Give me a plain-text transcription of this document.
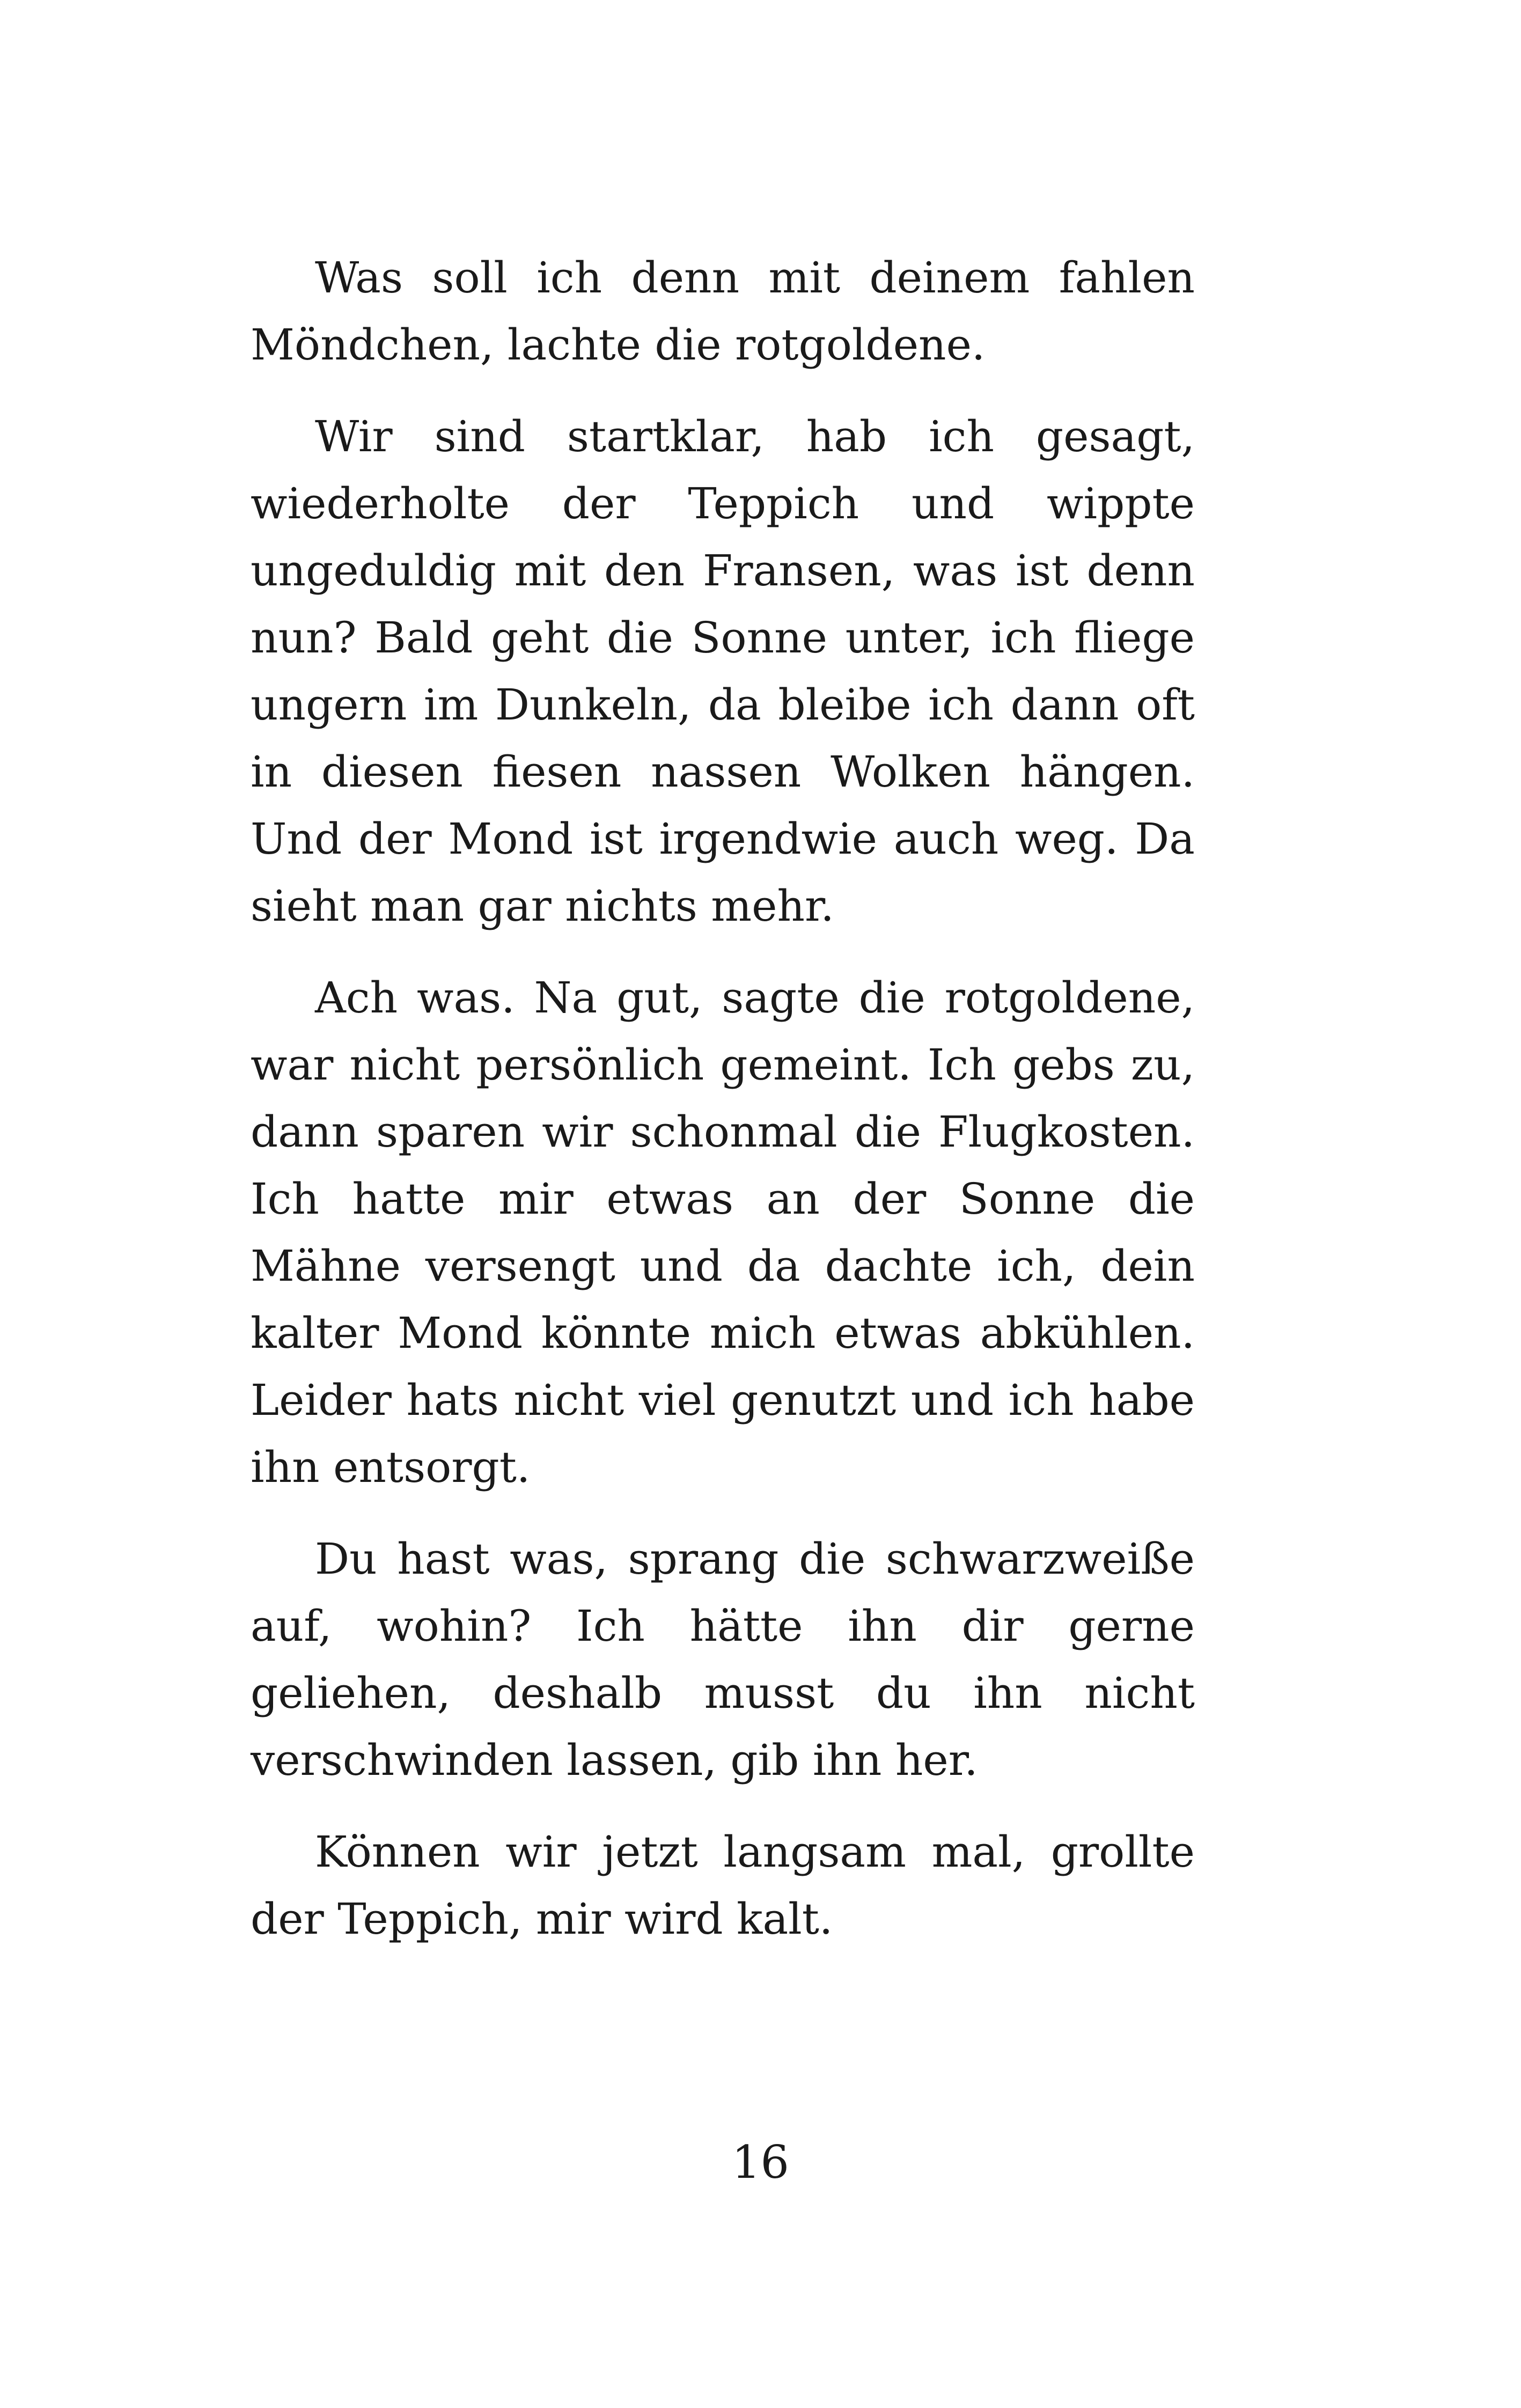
Was soll ich denn mit deinem fahlen Möndchen, lachte die rotgoldene.

Wir sind startklar, hab ich gesagt, wiederholte der Teppich und wippte ungeduldig mit den Fransen, was ist denn nun? Bald geht die Sonne unter, ich fliege ungern im Dunkeln, da bleibe ich dann oft in diesen fiesen nassen Wolken hängen. Und der Mond ist irgendwie auch weg. Da sieht man gar nichts mehr.

Ach was. Na gut, sagte die rotgoldene, war nicht persönlich gemeint. Ich gebs zu, dann sparen wir schonmal die Flugkosten. Ich hatte mir etwas an der Sonne die Mähne versengt und da dachte ich, dein kalter Mond könnte mich etwas abkühlen. Leider hats nicht viel genutzt und ich habe ihn entsorgt.

Du hast was, sprang die schwarzweiße auf, wohin? Ich hätte ihn dir gerne geliehen, deshalb musst du ihn nicht verschwinden lassen, gib ihn her.

Können wir jetzt langsam mal, grollte der Teppich, mir wird kalt.

16
